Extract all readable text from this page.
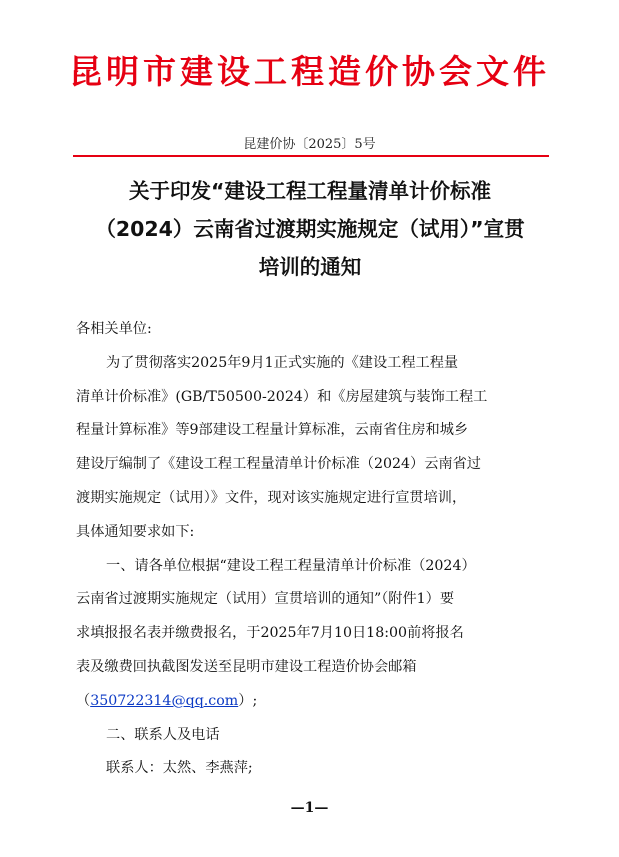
昆明市建设工程造价协会文件
昆建价协〔2025〕5号
关于印发“建设工程工程量清单计价标准
（2024）云南省过渡期实施规定（试用）”宣贯
培训的通知
各相关单位:
为了贯彻落实2025年9月1正式实施的《建设工程工程量
清单计价标准》(GB/T50500-2024）和《房屋建筑与装饰工程工
程量计算标准》等9部建设工程量计算标准，云南省住房和城乡
建设厅编制了《建设工程工程量清单计价标准（2024）云南省过
渡期实施规定（试用）》文件，现对该实施规定进行宣贯培训，
具体通知要求如下:
一、请各单位根据“建设工程工程量清单计价标准（2024）
云南省过渡期实施规定（试用）宣贯培训的通知”（附件1）要
求填报报名表并缴费报名，于2025年7月10日18:00前将报名
表及缴费回执截图发送至昆明市建设工程造价协会邮箱
（350722314@qq.com）;
二、联系人及电话
联系人：太然、李燕萍;
—1—
